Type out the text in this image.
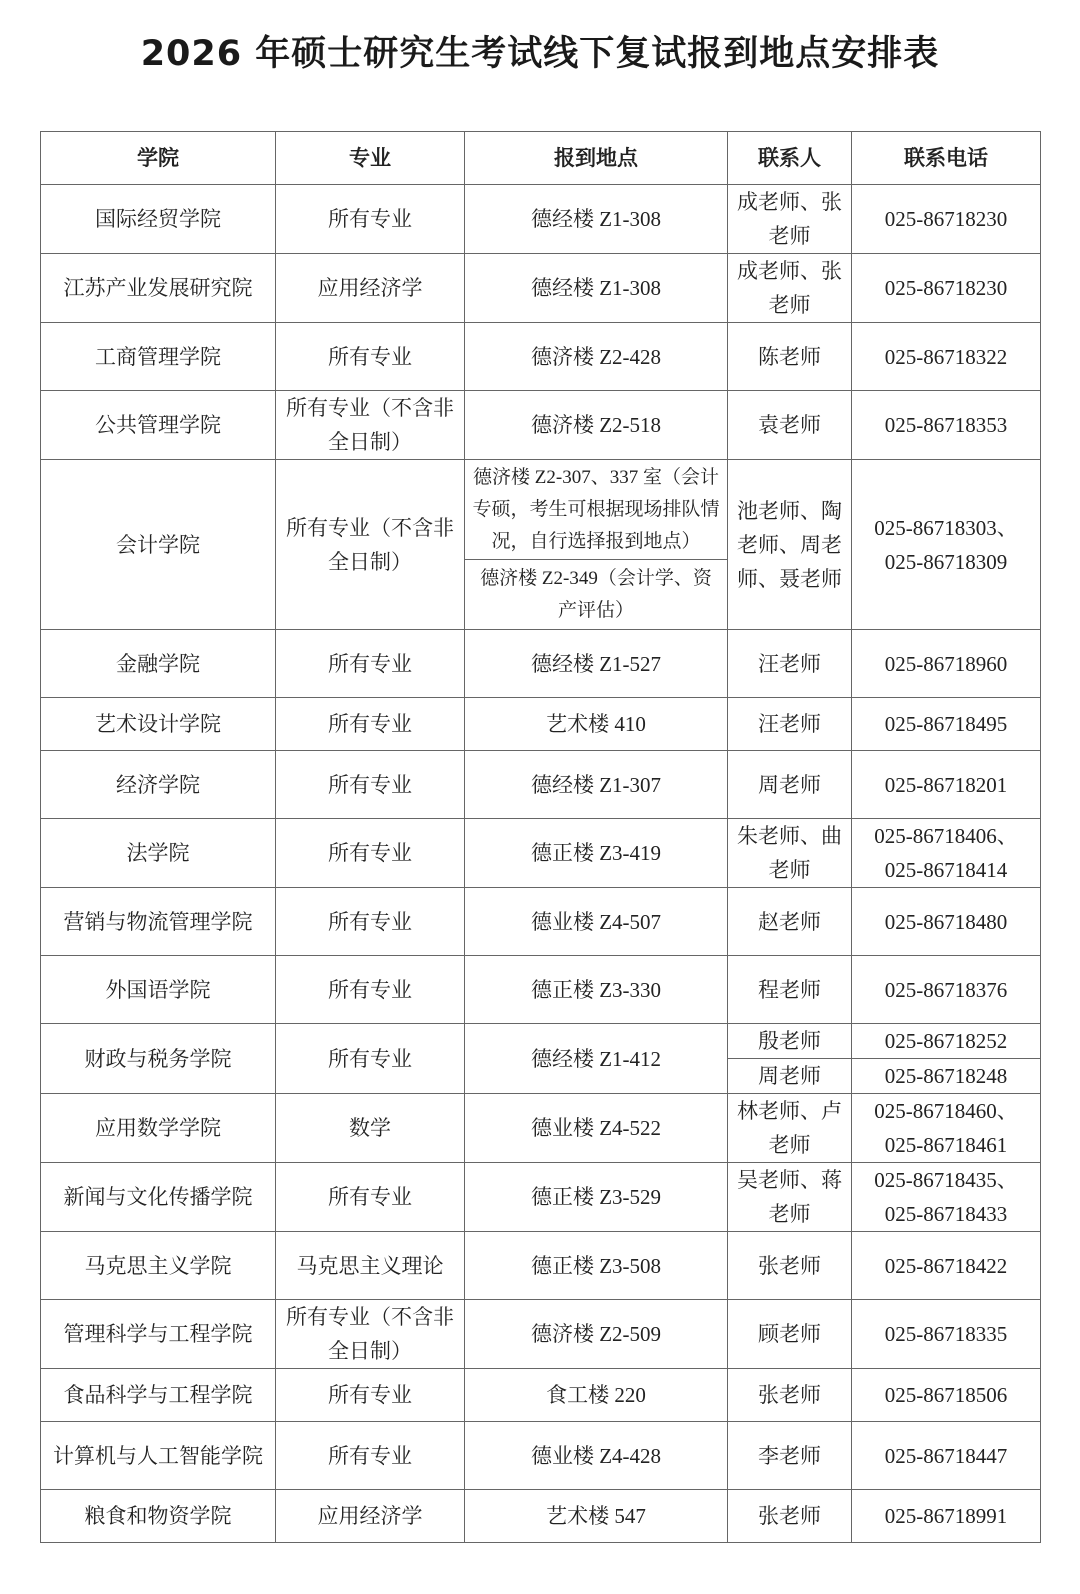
2026 年硕士研究生考试线下复试报到地点安排表
学院	专业	报到地点	联系人	联系电话
国际经贸学院	所有专业	德经楼 Z1-308	成老师、张老师	025-86718230
江苏产业发展研究院	应用经济学	德经楼 Z1-308	成老师、张老师	025-86718230
工商管理学院	所有专业	德济楼 Z2-428	陈老师	025-86718322
公共管理学院	所有专业（不含非全日制）	德济楼 Z2-518	袁老师	025-86718353
会计学院	所有专业（不含非全日制）	德济楼 Z2-307、337 室（会计专硕，考生可根据现场排队情况，自行选择报到地点）	池老师、陶老师、周老师、聂老师	025-86718303、025-86718309
		德济楼 Z2-349（会计学、资产评估）		
金融学院	所有专业	德经楼 Z1-527	汪老师	025-86718960
艺术设计学院	所有专业	艺术楼 410	汪老师	025-86718495
经济学院	所有专业	德经楼 Z1-307	周老师	025-86718201
法学院	所有专业	德正楼 Z3-419	朱老师、曲老师	025-86718406、025-86718414
营销与物流管理学院	所有专业	德业楼 Z4-507	赵老师	025-86718480
外国语学院	所有专业	德正楼 Z3-330	程老师	025-86718376
财政与税务学院	所有专业	德经楼 Z1-412	殷老师	025-86718252
			周老师	025-86718248
应用数学学院	数学	德业楼 Z4-522	林老师、卢老师	025-86718460、025-86718461
新闻与文化传播学院	所有专业	德正楼 Z3-529	吴老师、蒋老师	025-86718435、025-86718433
马克思主义学院	马克思主义理论	德正楼 Z3-508	张老师	025-86718422
管理科学与工程学院	所有专业（不含非全日制）	德济楼 Z2-509	顾老师	025-86718335
食品科学与工程学院	所有专业	食工楼 220	张老师	025-86718506
计算机与人工智能学院	所有专业	德业楼 Z4-428	李老师	025-86718447
粮食和物资学院	应用经济学	艺术楼 547	张老师	025-86718991
